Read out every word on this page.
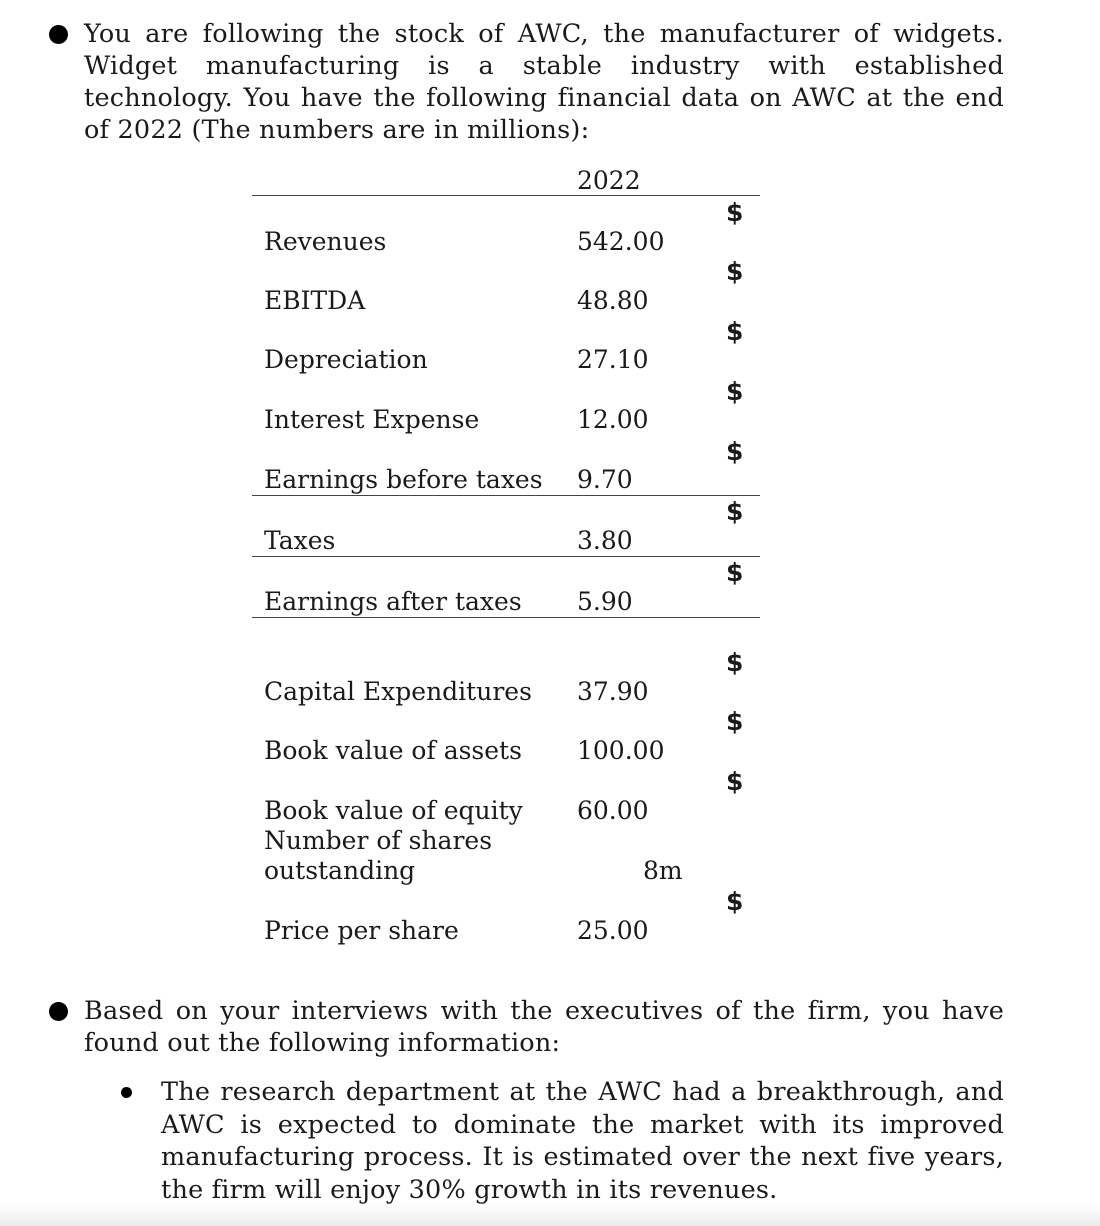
You are following the stock of AWC, the manufacturer of widgets. Widget manufacturing is a stable industry with established technology. You have the following financial data on AWC at the end of 2022 (The numbers are in millions):
2022
$
Revenues	542.00
$
EBITDA	48.80
$
Depreciation	27.10
$
Interest Expense	12.00
$
Earnings before taxes 9.70
$
Taxes	3.80
$
Earnings after taxes 5.90
$
Capital Expenditures 37.90
$
Book value of assets 100.00
$
Book value of equity 60.00
Number of shares outstanding	8m
$
Price per share	25.00
Based on your interviews with the executives of the firm, you have found out the following information:
The research department at the AWC had a breakthrough, and AWC is expected to dominate the market with its improved manufacturing process. It is estimated over the next five years, the firm will enjoy 30% growth in its revenues.
